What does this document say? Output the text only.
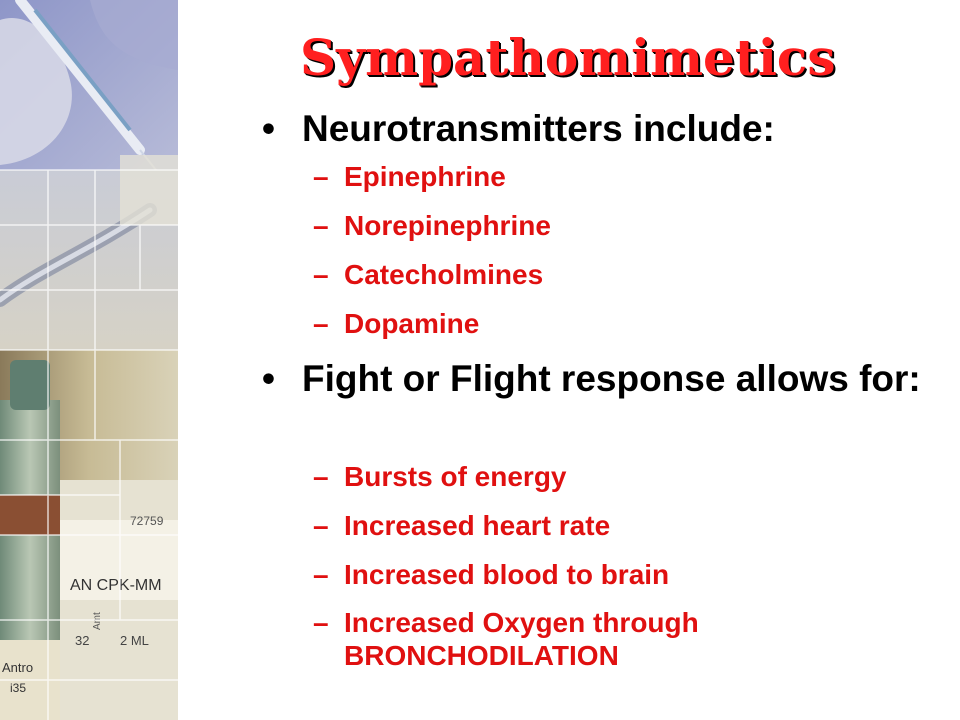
AN CPK-MM
32 2 ML
72759
Antro
i35
Amt
Sympathomimetics
• Neurotransmitters include:
– Epinephrine
– Norepinephrine
– Catecholmines
– Dopamine
• Fight or Flight response allows for:
– Bursts of energy
– Increased heart rate
– Increased blood to brain
– Increased Oxygen through BRONCHODILATION
